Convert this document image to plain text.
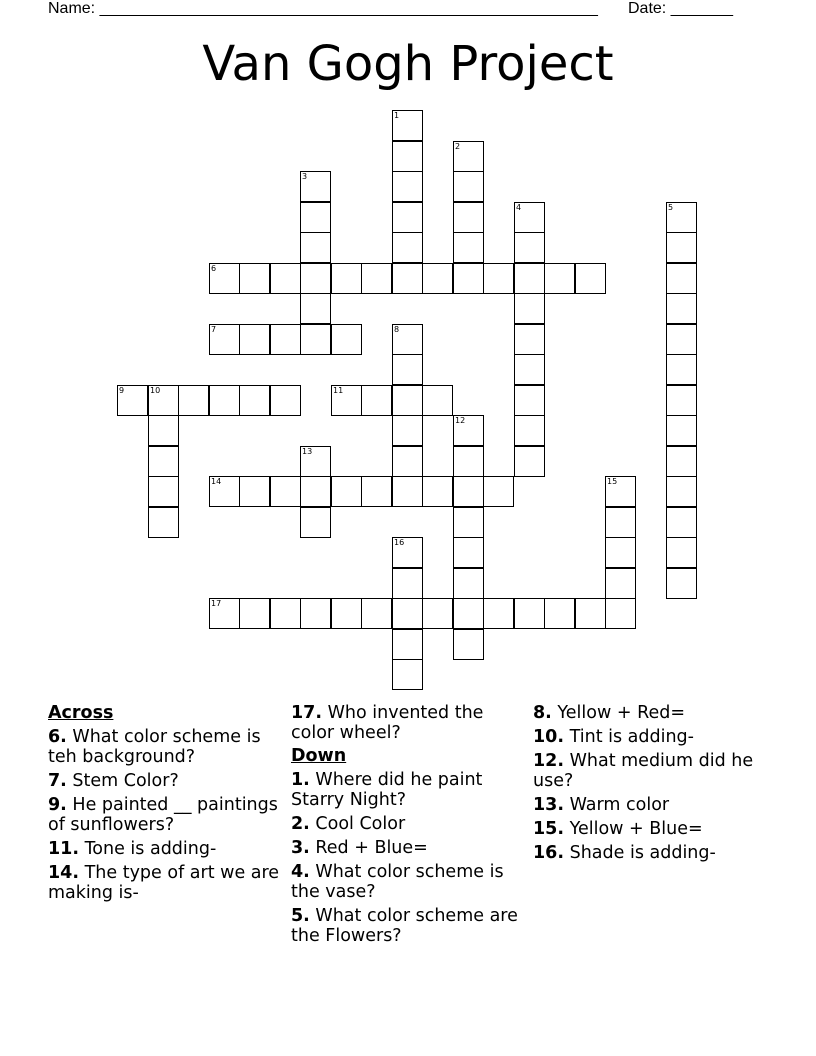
Name: ________________________________________________________ Date: _______
Van Gogh Project
1
2
3
4	5
6
7	8
9	10	11
12
13
14	15
16
17
Across
6. What color scheme is teh background?
7. Stem Color?
9. He painted __ paintings of sunflowers?
11. Tone is adding-
14. The type of art we are making is-
17. Who invented the color wheel?
Down
1. Where did he paint Starry Night?
2. Cool Color
3. Red + Blue=
4. What color scheme is the vase?
5. What color scheme are the Flowers?
8. Yellow + Red=
10. Tint is adding-
12. What medium did he use?
13. Warm color
15. Yellow + Blue=
16. Shade is adding-
